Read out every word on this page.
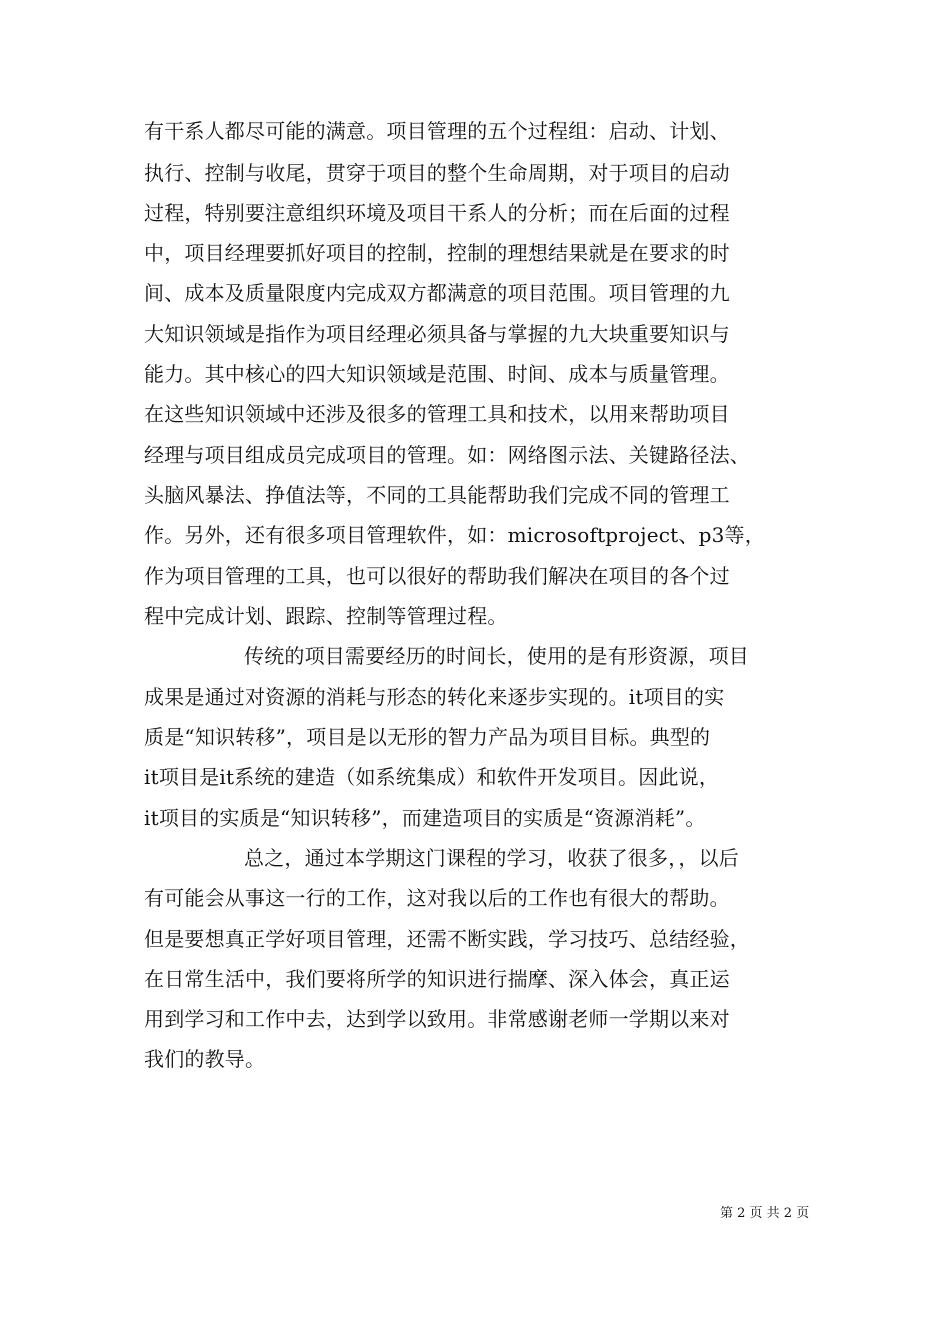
有干系人都尽可能的满意。项目管理的五个过程组：启动、计划、
执行、控制与收尾，贯穿于项目的整个生命周期，对于项目的启动
过程，特别要注意组织环境及项目干系人的分析；而在后面的过程
中，项目经理要抓好项目的控制，控制的理想结果就是在要求的时
间、成本及质量限度内完成双方都满意的项目范围。项目管理的九
大知识领域是指作为项目经理必须具备与掌握的九大块重要知识与
能力。其中核心的四大知识领域是范围、时间、成本与质量管理。
在这些知识领域中还涉及很多的管理工具和技术，以用来帮助项目
经理与项目组成员完成项目的管理。如：网络图示法、关键路径法、
头脑风暴法、挣值法等，不同的工具能帮助我们完成不同的管理工
作。另外，还有很多项目管理软件，如：microsoftproject、p3等，
作为项目管理的工具，也可以很好的帮助我们解决在项目的各个过
程中完成计划、跟踪、控制等管理过程。
传统的项目需要经历的时间长，使用的是有形资源，项目
成果是通过对资源的消耗与形态的转化来逐步实现的。it项目的实
质是“知识转移”，项目是以无形的智力产品为项目目标。典型的
it项目是it系统的建造（如系统集成）和软件开发项目。因此说，
it项目的实质是“知识转移”，而建造项目的实质是“资源消耗”。
总之，通过本学期这门课程的学习，收获了很多，，以后
有可能会从事这一行的工作，这对我以后的工作也有很大的帮助。
但是要想真正学好项目管理，还需不断实践，学习技巧、总结经验，
在日常生活中，我们要将所学的知识进行揣摩、深入体会，真正运
用到学习和工作中去，达到学以致用。非常感谢老师一学期以来对
我们的教导。
第 2 页 共 2 页
